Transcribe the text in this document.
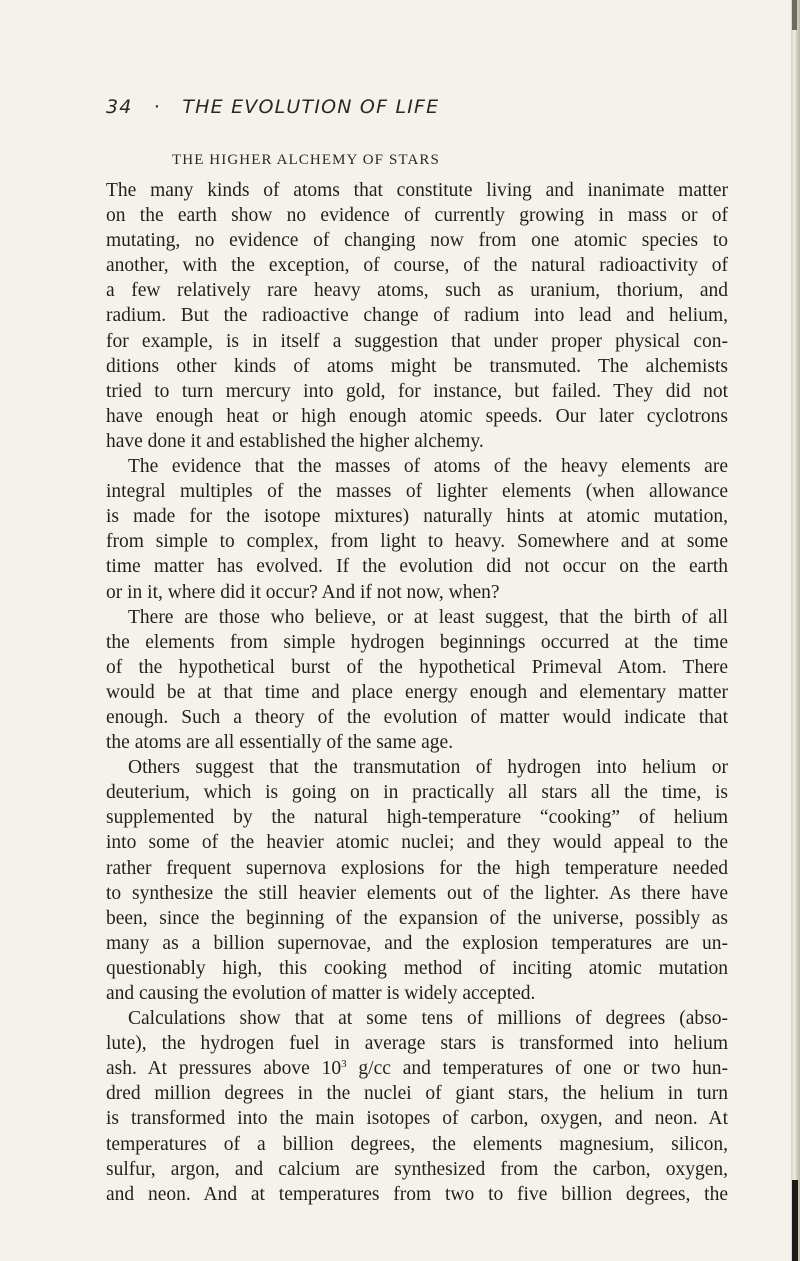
34 · THE EVOLUTION OF LIFE
THE HIGHER ALCHEMY OF STARS
The many kinds of atoms that constitute living and inanimate matter
on the earth show no evidence of currently growing in mass or of
mutating, no evidence of changing now from one atomic species to
another, with the exception, of course, of the natural radioactivity of
a few relatively rare heavy atoms, such as uranium, thorium, and
radium. But the radioactive change of radium into lead and helium,
for example, is in itself a suggestion that under proper physical con-
ditions other kinds of atoms might be transmuted. The alchemists
tried to turn mercury into gold, for instance, but failed. They did not
have enough heat or high enough atomic speeds. Our later cyclotrons
have done it and established the higher alchemy.
The evidence that the masses of atoms of the heavy elements are
integral multiples of the masses of lighter elements (when allowance
is made for the isotope mixtures) naturally hints at atomic mutation,
from simple to complex, from light to heavy. Somewhere and at some
time matter has evolved. If the evolution did not occur on the earth
or in it, where did it occur? And if not now, when?
There are those who believe, or at least suggest, that the birth of all
the elements from simple hydrogen beginnings occurred at the time
of the hypothetical burst of the hypothetical Primeval Atom. There
would be at that time and place energy enough and elementary matter
enough. Such a theory of the evolution of matter would indicate that
the atoms are all essentially of the same age.
Others suggest that the transmutation of hydrogen into helium or
deuterium, which is going on in practically all stars all the time, is
supplemented by the natural high-temperature “cooking” of helium
into some of the heavier atomic nuclei; and they would appeal to the
rather frequent supernova explosions for the high temperature needed
to synthesize the still heavier elements out of the lighter. As there have
been, since the beginning of the expansion of the universe, possibly as
many as a billion supernovae, and the explosion temperatures are un-
questionably high, this cooking method of inciting atomic mutation
and causing the evolution of matter is widely accepted.
Calculations show that at some tens of millions of degrees (abso-
lute), the hydrogen fuel in average stars is transformed into helium
ash. At pressures above $10^3$ g/cc and temperatures of one or two hun-
dred million degrees in the nuclei of giant stars, the helium in turn
is transformed into the main isotopes of carbon, oxygen, and neon. At
temperatures of a billion degrees, the elements magnesium, silicon,
sulfur, argon, and calcium are synthesized from the carbon, oxygen,
and neon. And at temperatures from two to five billion degrees, the
